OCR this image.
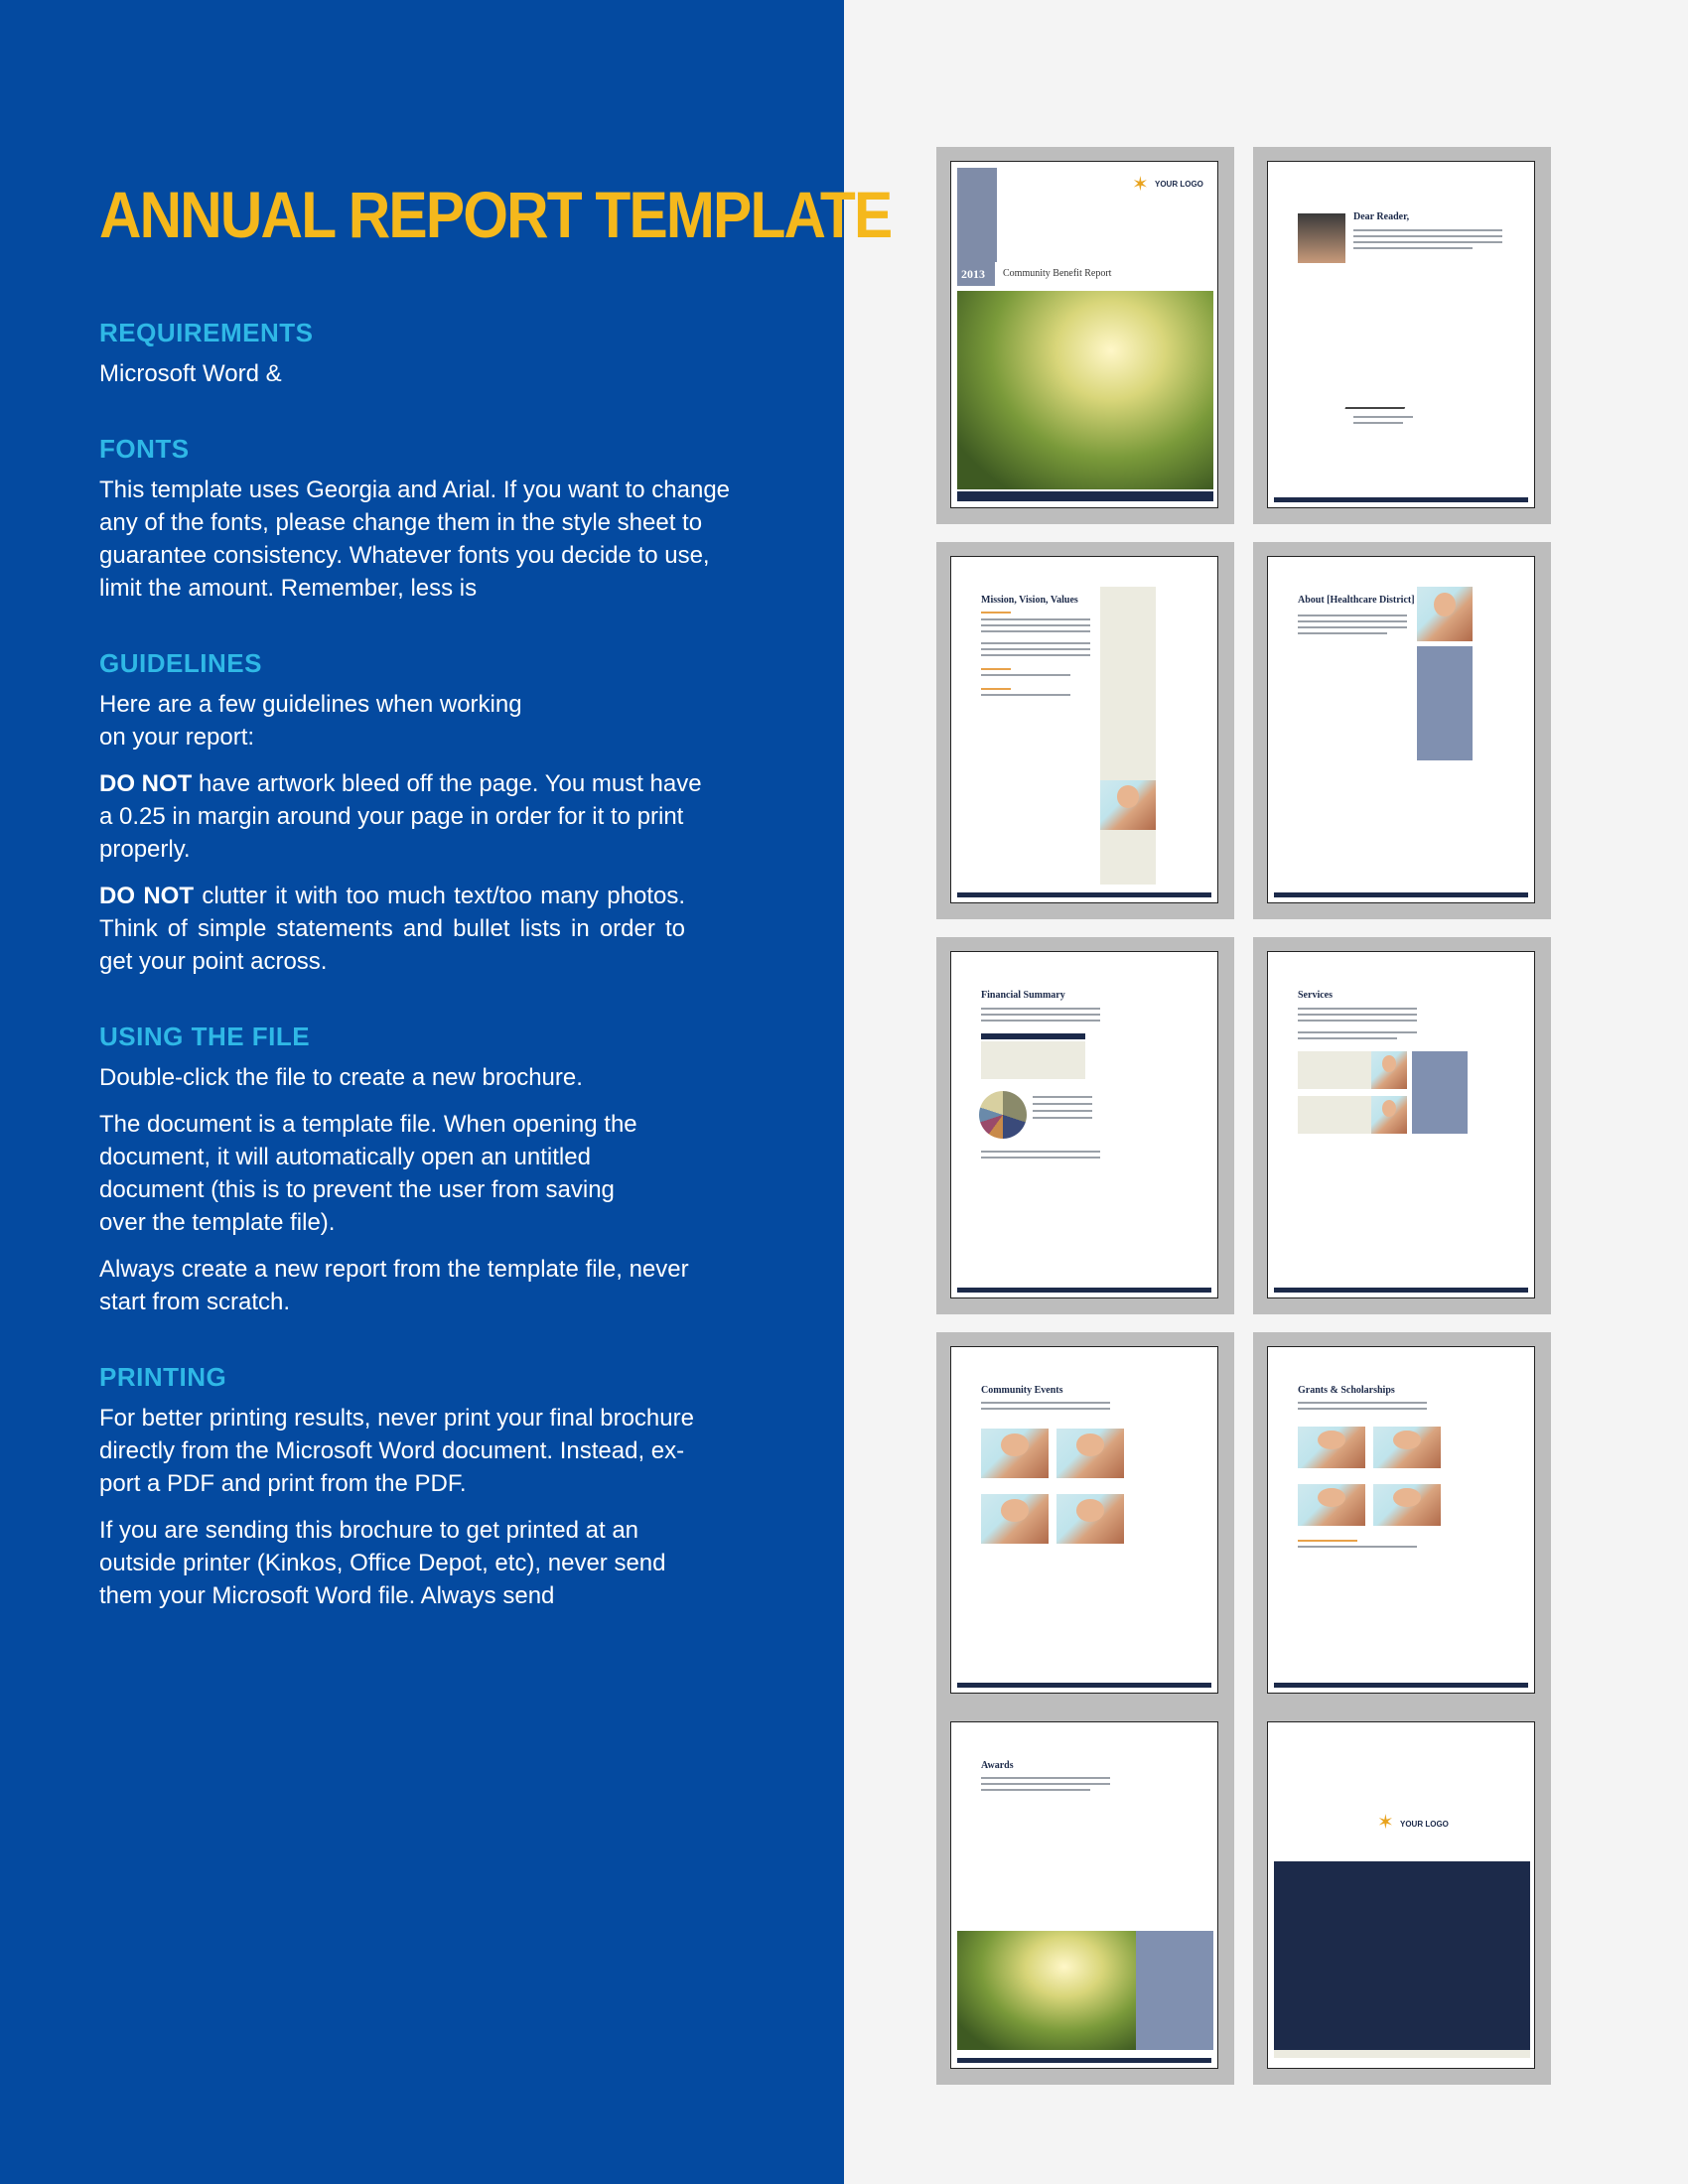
ANNUAL REPORT TEMPLATE
REQUIREMENTS

Microsoft Word &

FONTS

This template uses Georgia and Arial. If you want to change any of the fonts, please change them in the style sheet to guarantee consistency. Whatever fonts you decide to use, limit the amount. Remember, less is

GUIDELINES

Here are a few guidelines when working
on your report:

DO NOT have artwork bleed off the page. You must have a 0.25 in margin around your page in order for it to print properly.

DO NOT clutter it with too much text/too many photos. Think of simple statements and bullet lists in order to get your point across.

USING THE FILE

Double-click the file to create a new brochure.

The document is a template file. When opening the document, it will automatically open an untitled document (this is to prevent the user from saving over the template file).

Always create a new report from the template file, never start from scratch.

PRINTING

For better printing results, never print your final brochure directly from the Microsoft Word document. Instead, ex- port a PDF and print from the PDF.

If you are sending this brochure to get printed at an outside printer (Kinkos, Office Depot, etc), never send them your Microsoft Word file. Always send

✶ YOUR LOGO
2013 Community Benefit Report
Dear Reader,
Mission, Vision, Values	About [Healthcare District]
Financial Summary	Services
Community Events	Grants & Scholarships
Awards
✶ YOUR LOGO
